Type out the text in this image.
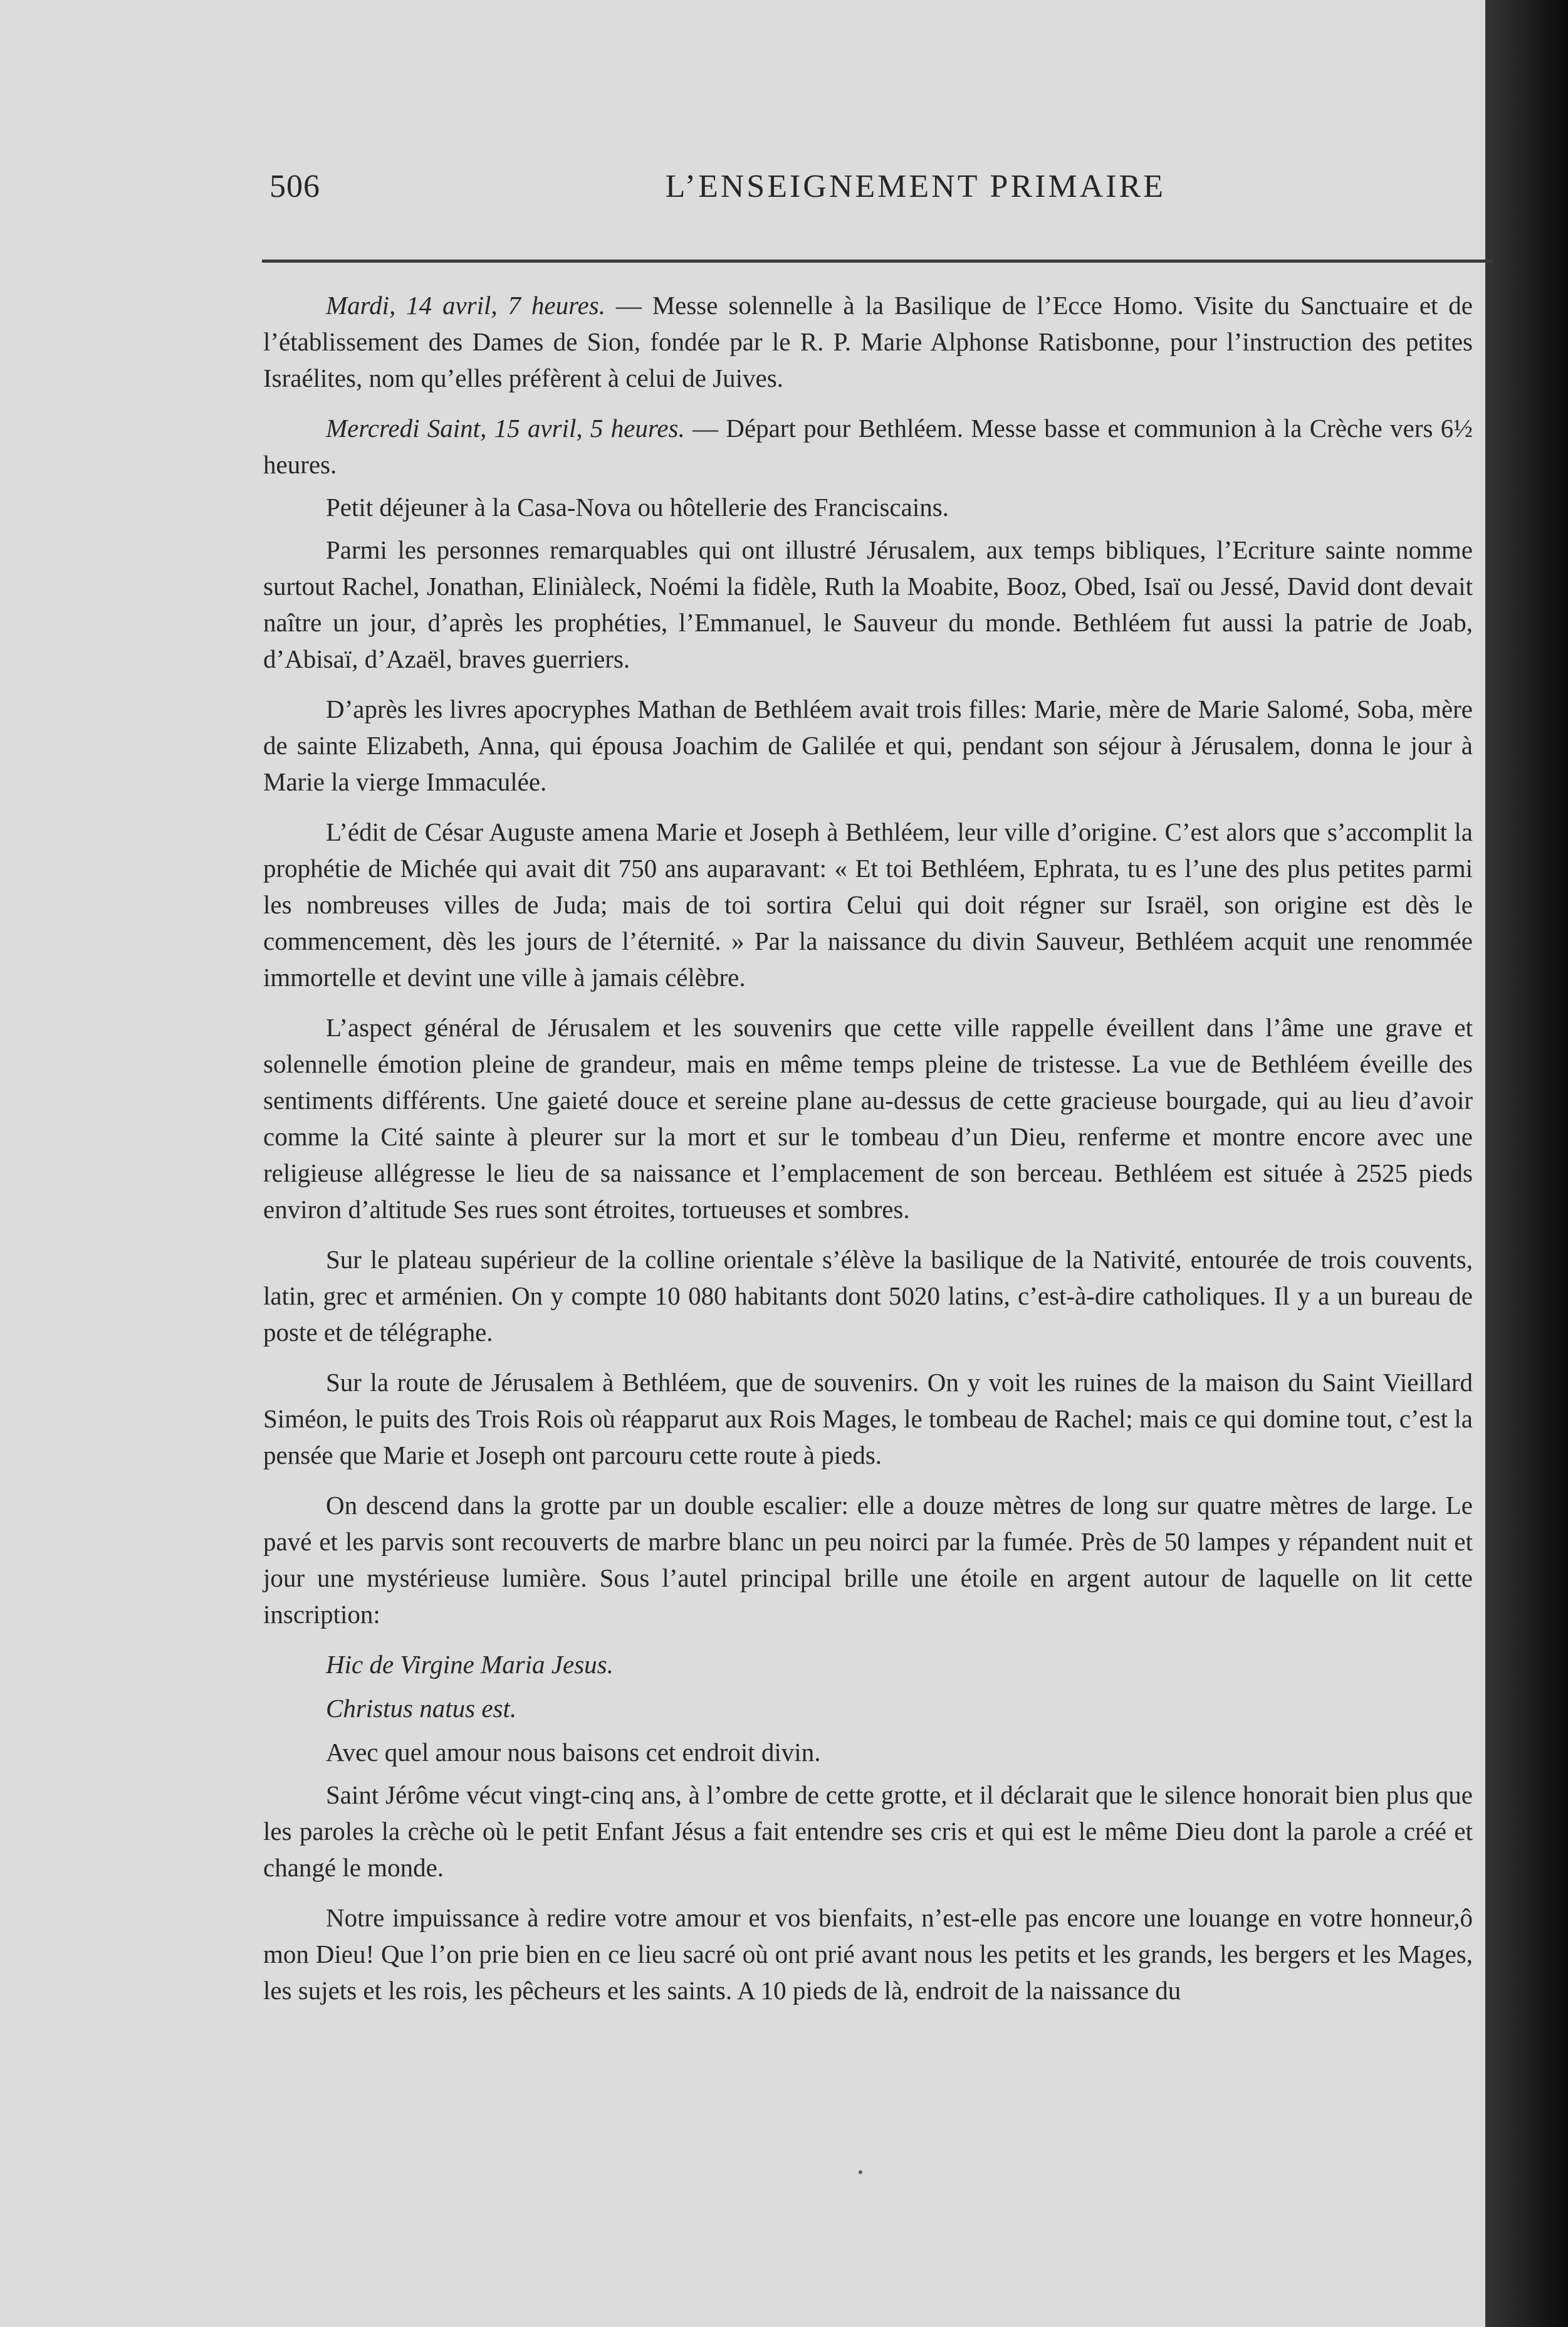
506	L’ENSEIGNEMENT PRIMAIRE

Mardi, 14 avril, 7 heures. — Messe solennelle à la Basilique de l’Ecce Homo. Visite du Sanctuaire et de l’établissement des Dames de Sion, fondée par le R. P. Marie Alphonse Ratisbonne, pour l’instruction des petites Israélites, nom qu’elles préfèrent à celui de Juives.

Mercredi Saint, 15 avril, 5 heures. — Départ pour Bethléem. Messe basse et communion à la Crèche vers 6½ heures.

Petit déjeuner à la Casa-Nova ou hôtellerie des Franciscains.

Parmi les personnes remarquables qui ont illustré Jérusalem, aux temps bibliques, l’Ecriture sainte nomme surtout Rachel, Jonathan, Eliniàleck, Noémi la fidèle, Ruth la Moabite, Booz, Obed, Isaï ou Jessé, David dont devait naître un jour, d’après les prophéties, l’Emmanuel, le Sauveur du monde. Bethléem fut aussi la patrie de Joab, d’Abisaï, d’Azaël, braves guerriers.

D’après les livres apocryphes Mathan de Bethléem avait trois filles: Marie, mère de Marie Salomé, Soba, mère de sainte Elizabeth, Anna, qui épousa Joachim de Galilée et qui, pendant son séjour à Jérusalem, donna le jour à Marie la vierge Immaculée.

L’édit de César Auguste amena Marie et Joseph à Bethléem, leur ville d’origine. C’est alors que s’accomplit la prophétie de Michée qui avait dit 750 ans auparavant: « Et toi Bethléem, Ephrata, tu es l’une des plus petites parmi les nombreuses villes de Juda; mais de toi sortira Celui qui doit régner sur Israël, son origine est dès le commencement, dès les jours de l’éternité. » Par la naissance du divin Sauveur, Bethléem acquit une renommée immortelle et devint une ville à jamais célèbre.

L’aspect général de Jérusalem et les souvenirs que cette ville rappelle éveillent dans l’âme une grave et solennelle émotion pleine de grandeur, mais en même temps pleine de tristesse. La vue de Bethléem éveille des sentiments différents. Une gaieté douce et sereine plane au-dessus de cette gracieuse bourgade, qui au lieu d’avoir comme la Cité sainte à pleurer sur la mort et sur le tombeau d’un Dieu, renferme et montre encore avec une religieuse allégresse le lieu de sa naissance et l’emplacement de son berceau. Bethléem est située à 2525 pieds environ d’altitude Ses rues sont étroites, tortueuses et sombres.

Sur le plateau supérieur de la colline orientale s’élève la basilique de la Nativité, entourée de trois couvents, latin, grec et arménien. On y compte 10 080 habitants dont 5020 latins, c’est-à-dire catholiques. Il y a un bureau de poste et de télégraphe.

Sur la route de Jérusalem à Bethléem, que de souvenirs. On y voit les ruines de la maison du Saint Vieillard Siméon, le puits des Trois Rois où réapparut aux Rois Mages, le tombeau de Rachel; mais ce qui domine tout, c’est la pensée que Marie et Joseph ont parcouru cette route à pieds.

On descend dans la grotte par un double escalier: elle a douze mètres de long sur quatre mètres de large. Le pavé et les parvis sont recouverts de marbre blanc un peu noirci par la fumée. Près de 50 lampes y répandent nuit et jour une mystérieuse lumière. Sous l’autel principal brille une étoile en argent autour de laquelle on lit cette inscription:

Hic de Virgine Maria Jesus.

Christus natus est.

Avec quel amour nous baisons cet endroit divin.

Saint Jérôme vécut vingt-cinq ans, à l’ombre de cette grotte, et il déclarait que le silence honorait bien plus que les paroles la crèche où le petit Enfant Jésus a fait entendre ses cris et qui est le même Dieu dont la parole a créé et changé le monde.

Notre impuissance à redire votre amour et vos bienfaits, n’est-elle pas encore une louange en votre honneur,ô mon Dieu! Que l’on prie bien en ce lieu sacré où ont prié avant nous les petits et les grands, les bergers et les Mages, les sujets et les rois, les pêcheurs et les saints. A 10 pieds de là, endroit de la naissance du
